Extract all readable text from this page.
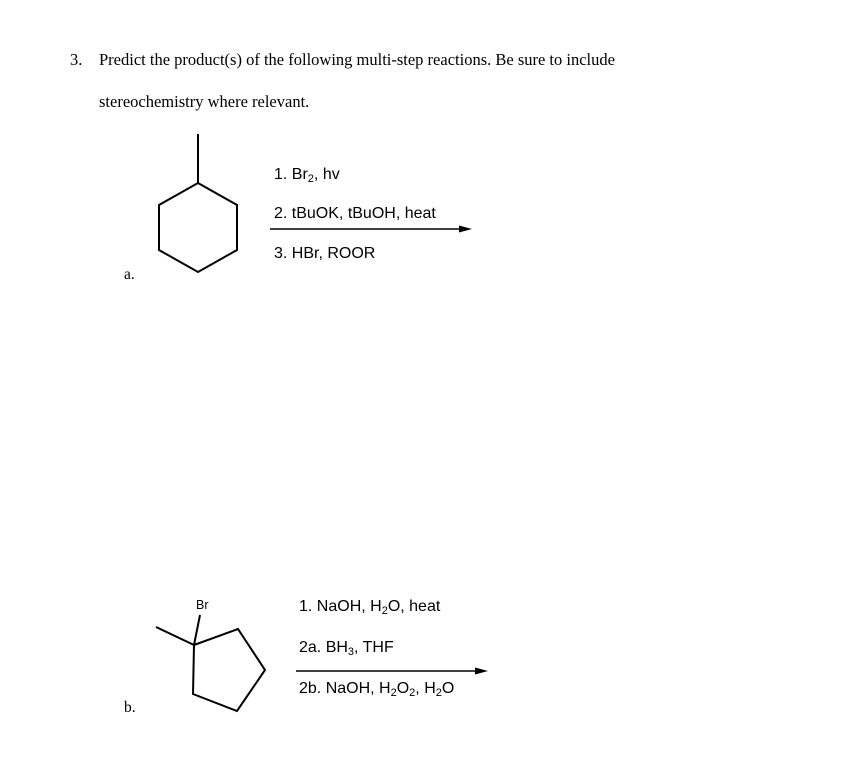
3. Predict the product(s) of the following multi-step reactions. Be sure to include
stereochemistry where relevant.
a.
1. $Br_2$, hv
2. tBuOK, tBuOH, heat
3. HBr, ROOR
b.
Br	1. NaOH, $H_2O$, heat
2a. $BH_3$, THF
2b. NaOH, $H_2O_2$, $H_2O$
